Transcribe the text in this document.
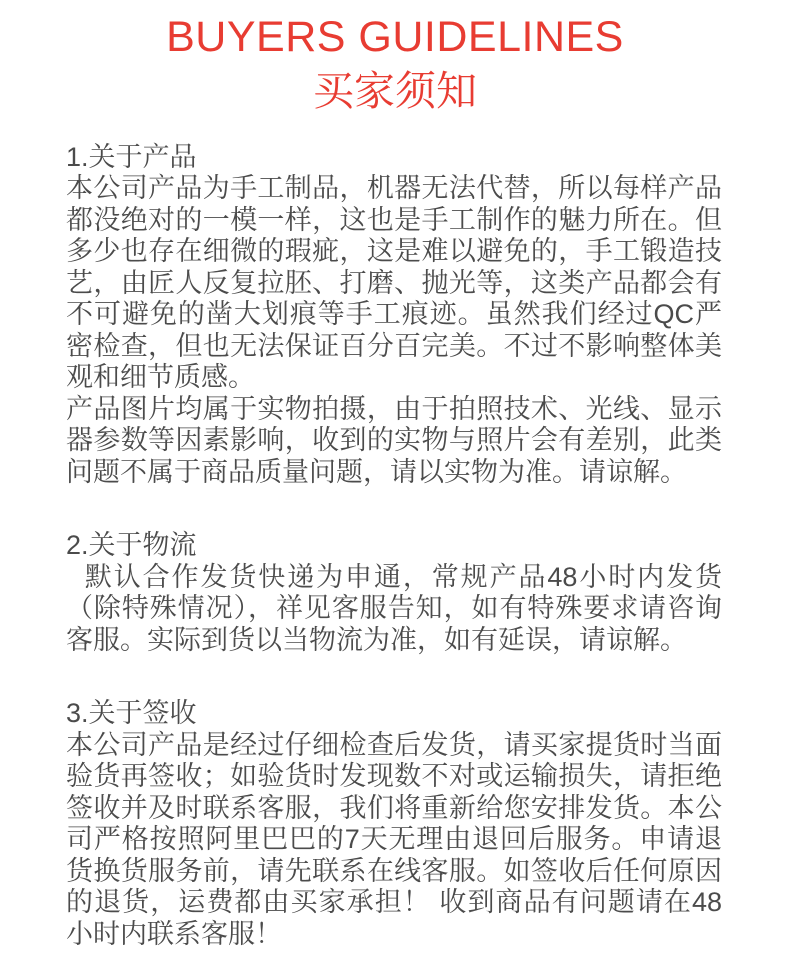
BUYERS GUIDELINES
买家须知
1.关于产品

本公司产品为手工制品，机器无法代替，所以每样产品都没绝对的一模一样，这也是手工制作的魅力所在。但多少也存在细微的瑕疵，这是难以避免的，手工锻造技艺，由匠人反复拉胚、打磨、抛光等，这类产品都会有不可避免的凿大划痕等手工痕迹。虽然我们经过QC严密检查，但也无法保证百分百完美。不过不影响整体美观和细节质感。

产品图片均属于实物拍摄，由于拍照技术、光线、显示器参数等因素影响，收到的实物与照片会有差别，此类问题不属于商品质量问题，请以实物为准。请谅解。

2.关于物流

默认合作发货快递为申通，常规产品48小时内发货（除特殊情况），祥见客服告知，如有特殊要求请咨询客服。实际到货以当物流为准，如有延误，请谅解。

3.关于签收

本公司产品是经过仔细检查后发货，请买家提货时当面验货再签收；如验货时发现数不对或运输损失，请拒绝签收并及时联系客服，我们将重新给您安排发货。本公司严格按照阿里巴巴的7天无理由退回后服务。申请退货换货服务前，请先联系在线客服。如签收后任何原因的退货，运费都由买家承担！ 收到商品有问题请在48小时内联系客服！
